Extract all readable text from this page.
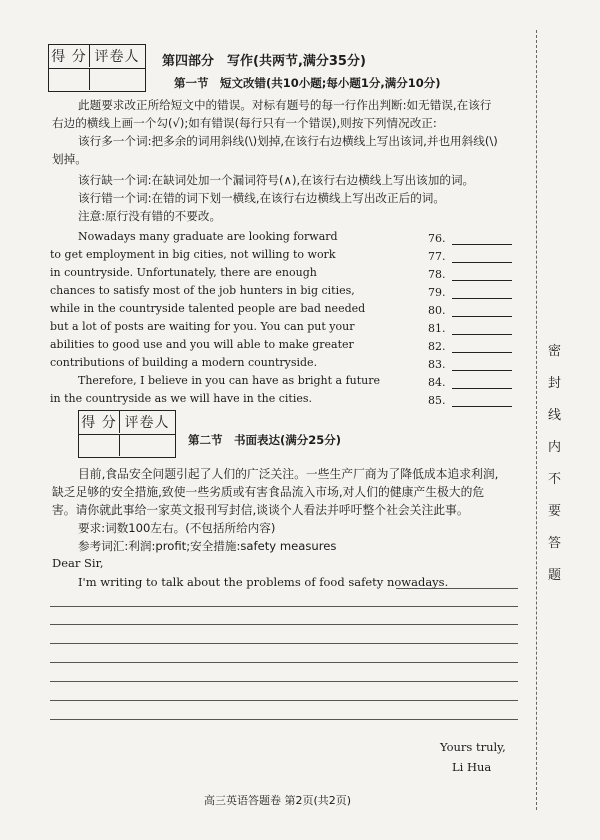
得 分 评卷人	第四部分　写作(共两节,满分35分)
第一节　短文改错(共10小题;每小题1分,满分10分)
此题要求改正所给短文中的错误。对标有题号的每一行作出判断:如无错误,在该行
右边的横线上画一个勾(√);如有错误(每行只有一个错误),则按下列情况改正:
该行多一个词:把多余的词用斜线(\)划掉,在该行右边横线上写出该词,并也用斜线(\)
划掉。
该行缺一个词:在缺词处加一个漏词符号(∧),在该行右边横线上写出该加的词。
该行错一个词:在错的词下划一横线,在该行右边横线上写出改正后的词。
注意:原行没有错的不要改。
Nowadays many graduate are looking forward
to get employment in big cities, not willing to work
in countryside. Unfortunately, there are enough
chances to satisfy most of the job hunters in big cities,
while in the countryside talented people are bad needed
but a lot of posts are waiting for you. You can put your
abilities to good use and you will able to make greater
contributions of building a modern countryside.
Therefore, I believe in you can have as bright a future
in the countryside as we will have in the cities.
76.
77.
78.
79.
80.
81.
82.
83.
84.
85.
得 分 评卷人
第二节　书面表达(满分25分)
目前,食品安全问题引起了人们的广泛关注。一些生产厂商为了降低成本追求利润,
缺乏足够的安全措施,致使一些劣质或有害食品流入市场,对人们的健康产生极大的危
害。请你就此事给一家英文报刊写封信,谈谈个人看法并呼吁整个社会关注此事。
要求:词数100左右。(不包括所给内容)
参考词汇:利润:profit;安全措施:safety measures
Dear Sir,
I'm writing to talk about the problems of food safety nowadays.
Yours truly,
Li Hua
高三英语答题卷 第2页(共2页)
密
封
线
内
不
要
答
题
